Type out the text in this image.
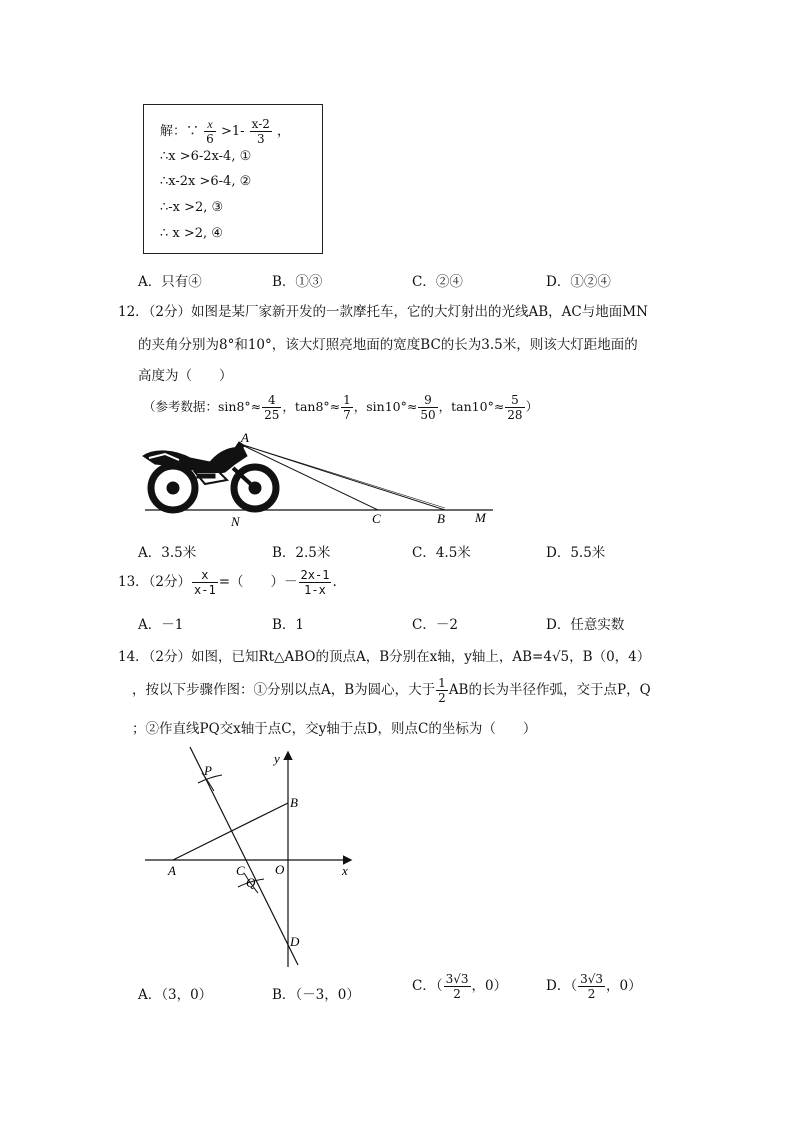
解：∵ $\frac{x}{6} >1- \frac{x-2}{3}$ ，
∴x >6-2x-4, ①
∴x-2x >6-4, ②
∴-x >2, ③
∴ x >2, ④
A．只有④	B．①③	C．②④	D．①②④
12．（2分）如图是某厂家新开发的一款摩托车，它的大灯射出的光线AB，AC与地面MN
的夹角分别为8°和10°，该大灯照亮地面的宽度BC的长为3.5米，则该大灯距地面的
高度为（　　）
（参考数据：$\sin 8^\circ\approx \frac{4}{25}$ ，$\tan 8^\circ\approx \frac{1}{7}$ ，$\sin 10^\circ\approx \frac{9}{50}$ ，$\tan 10^\circ\approx \frac{5}{28}$ ）
A
N	C	B M
A．3.5米	B．2.5米	C．4.5米	D．5.5米
13．（2分） $\frac{x}{x-1}$ =（　　）－ $\frac{2x-1}{1-x}$ .
A．－1	B．1	C．－2	D．任意实数
14．（2分）如图，已知Rt△ABO的顶点A，B分别在x轴，y轴上，AB=4√5，B（0，4）
，按以下步骤作图：①分别以点A，B为圆心，大于 $\frac{1}{2}$ AB的长为半径作弧，交于点P，Q
；②作直线PQ交x轴于点C，交y轴于点D，则点C的坐标为（　　）
y
P
B
A	C O	x
Q
D
A．（3，0）	B．（－3，0）
C．（ $\frac{3√3}{2}$ ，0）	D．（ $\frac{3√3}{2}$ ，0）
